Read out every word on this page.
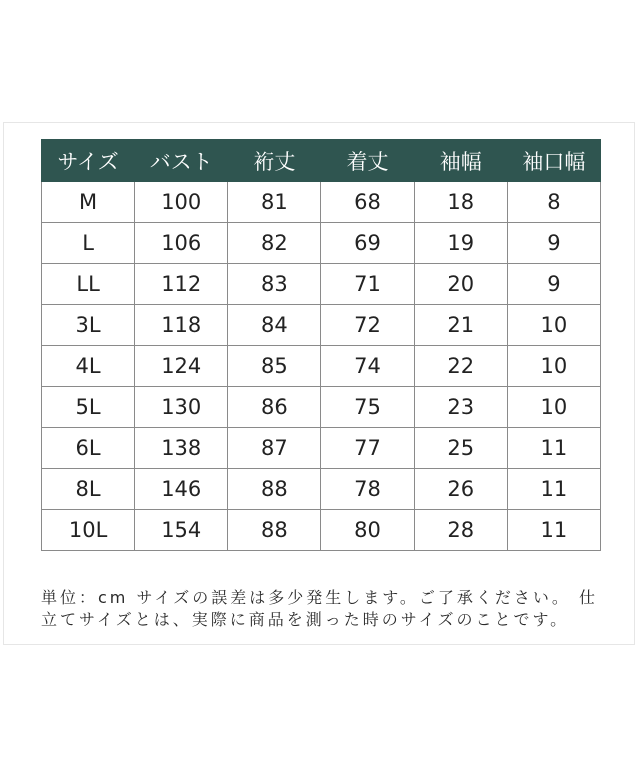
サイズ	バスト	裄丈	着丈	袖幅	袖口幅
M	100	81	68	18	8
L	106	82	69	19	9
LL	112	83	71	20	9
3L	118	84	72	21	10
4L	124	85	74	22	10
5L	130	86	75	23	10
6L	138	87	77	25	11
8L	146	88	78	26	11
10L	154	88	80	28	11
単位：cm サイズの誤差は多少発生します。ご了承ください。 仕立てサイズとは、実際に商品を測った時のサイズのことです。
